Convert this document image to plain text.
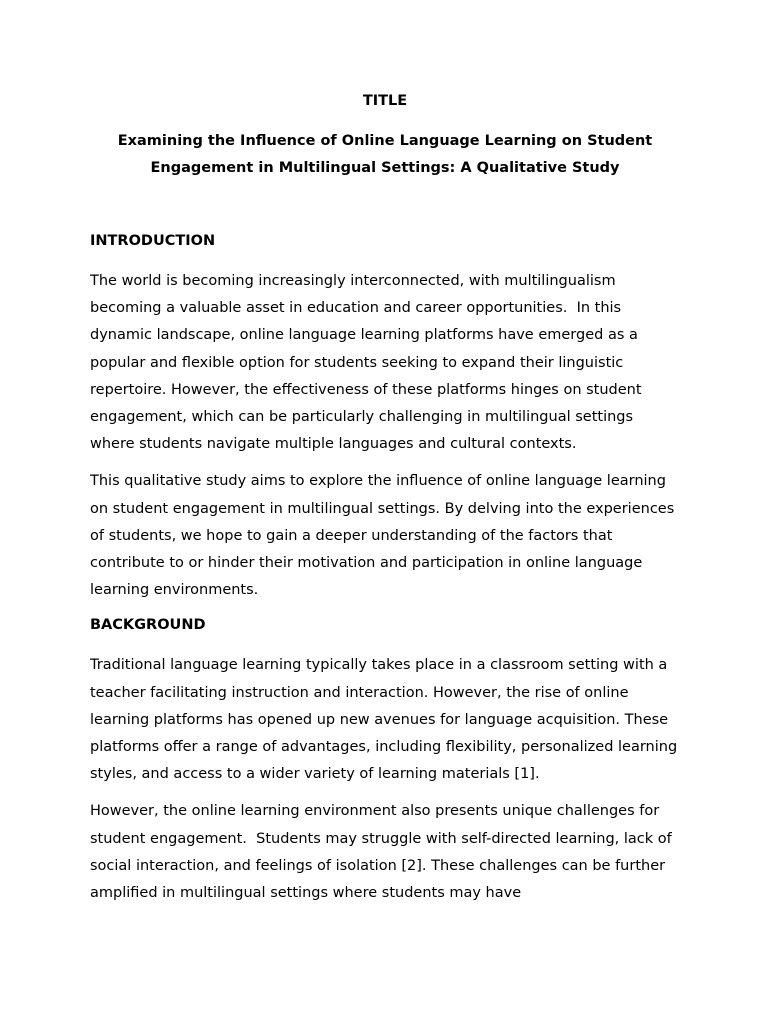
TITLE
Examining the Influence of Online Language Learning on Student Engagement in Multilingual Settings: A Qualitative Study
INTRODUCTION

The world is becoming increasingly interconnected, with multilingualism becoming a valuable asset in education and career opportunities.  In this dynamic landscape, online language learning platforms have emerged as a popular and flexible option for students seeking to expand their linguistic repertoire. However, the effectiveness of these platforms hinges on student engagement, which can be particularly challenging in multilingual settings where students navigate multiple languages and cultural contexts.

This qualitative study aims to explore the influence of online language learning on student engagement in multilingual settings. By delving into the experiences of students, we hope to gain a deeper understanding of the factors that contribute to or hinder their motivation and participation in online language learning environments.

BACKGROUND

Traditional language learning typically takes place in a classroom setting with a teacher facilitating instruction and interaction. However, the rise of online learning platforms has opened up new avenues for language acquisition. These platforms offer a range of advantages, including flexibility, personalized learning styles, and access to a wider variety of learning materials [1].

However, the online learning environment also presents unique challenges for student engagement.  Students may struggle with self-directed learning, lack of social interaction, and feelings of isolation [2]. These challenges can be further amplified in multilingual settings where students may have
